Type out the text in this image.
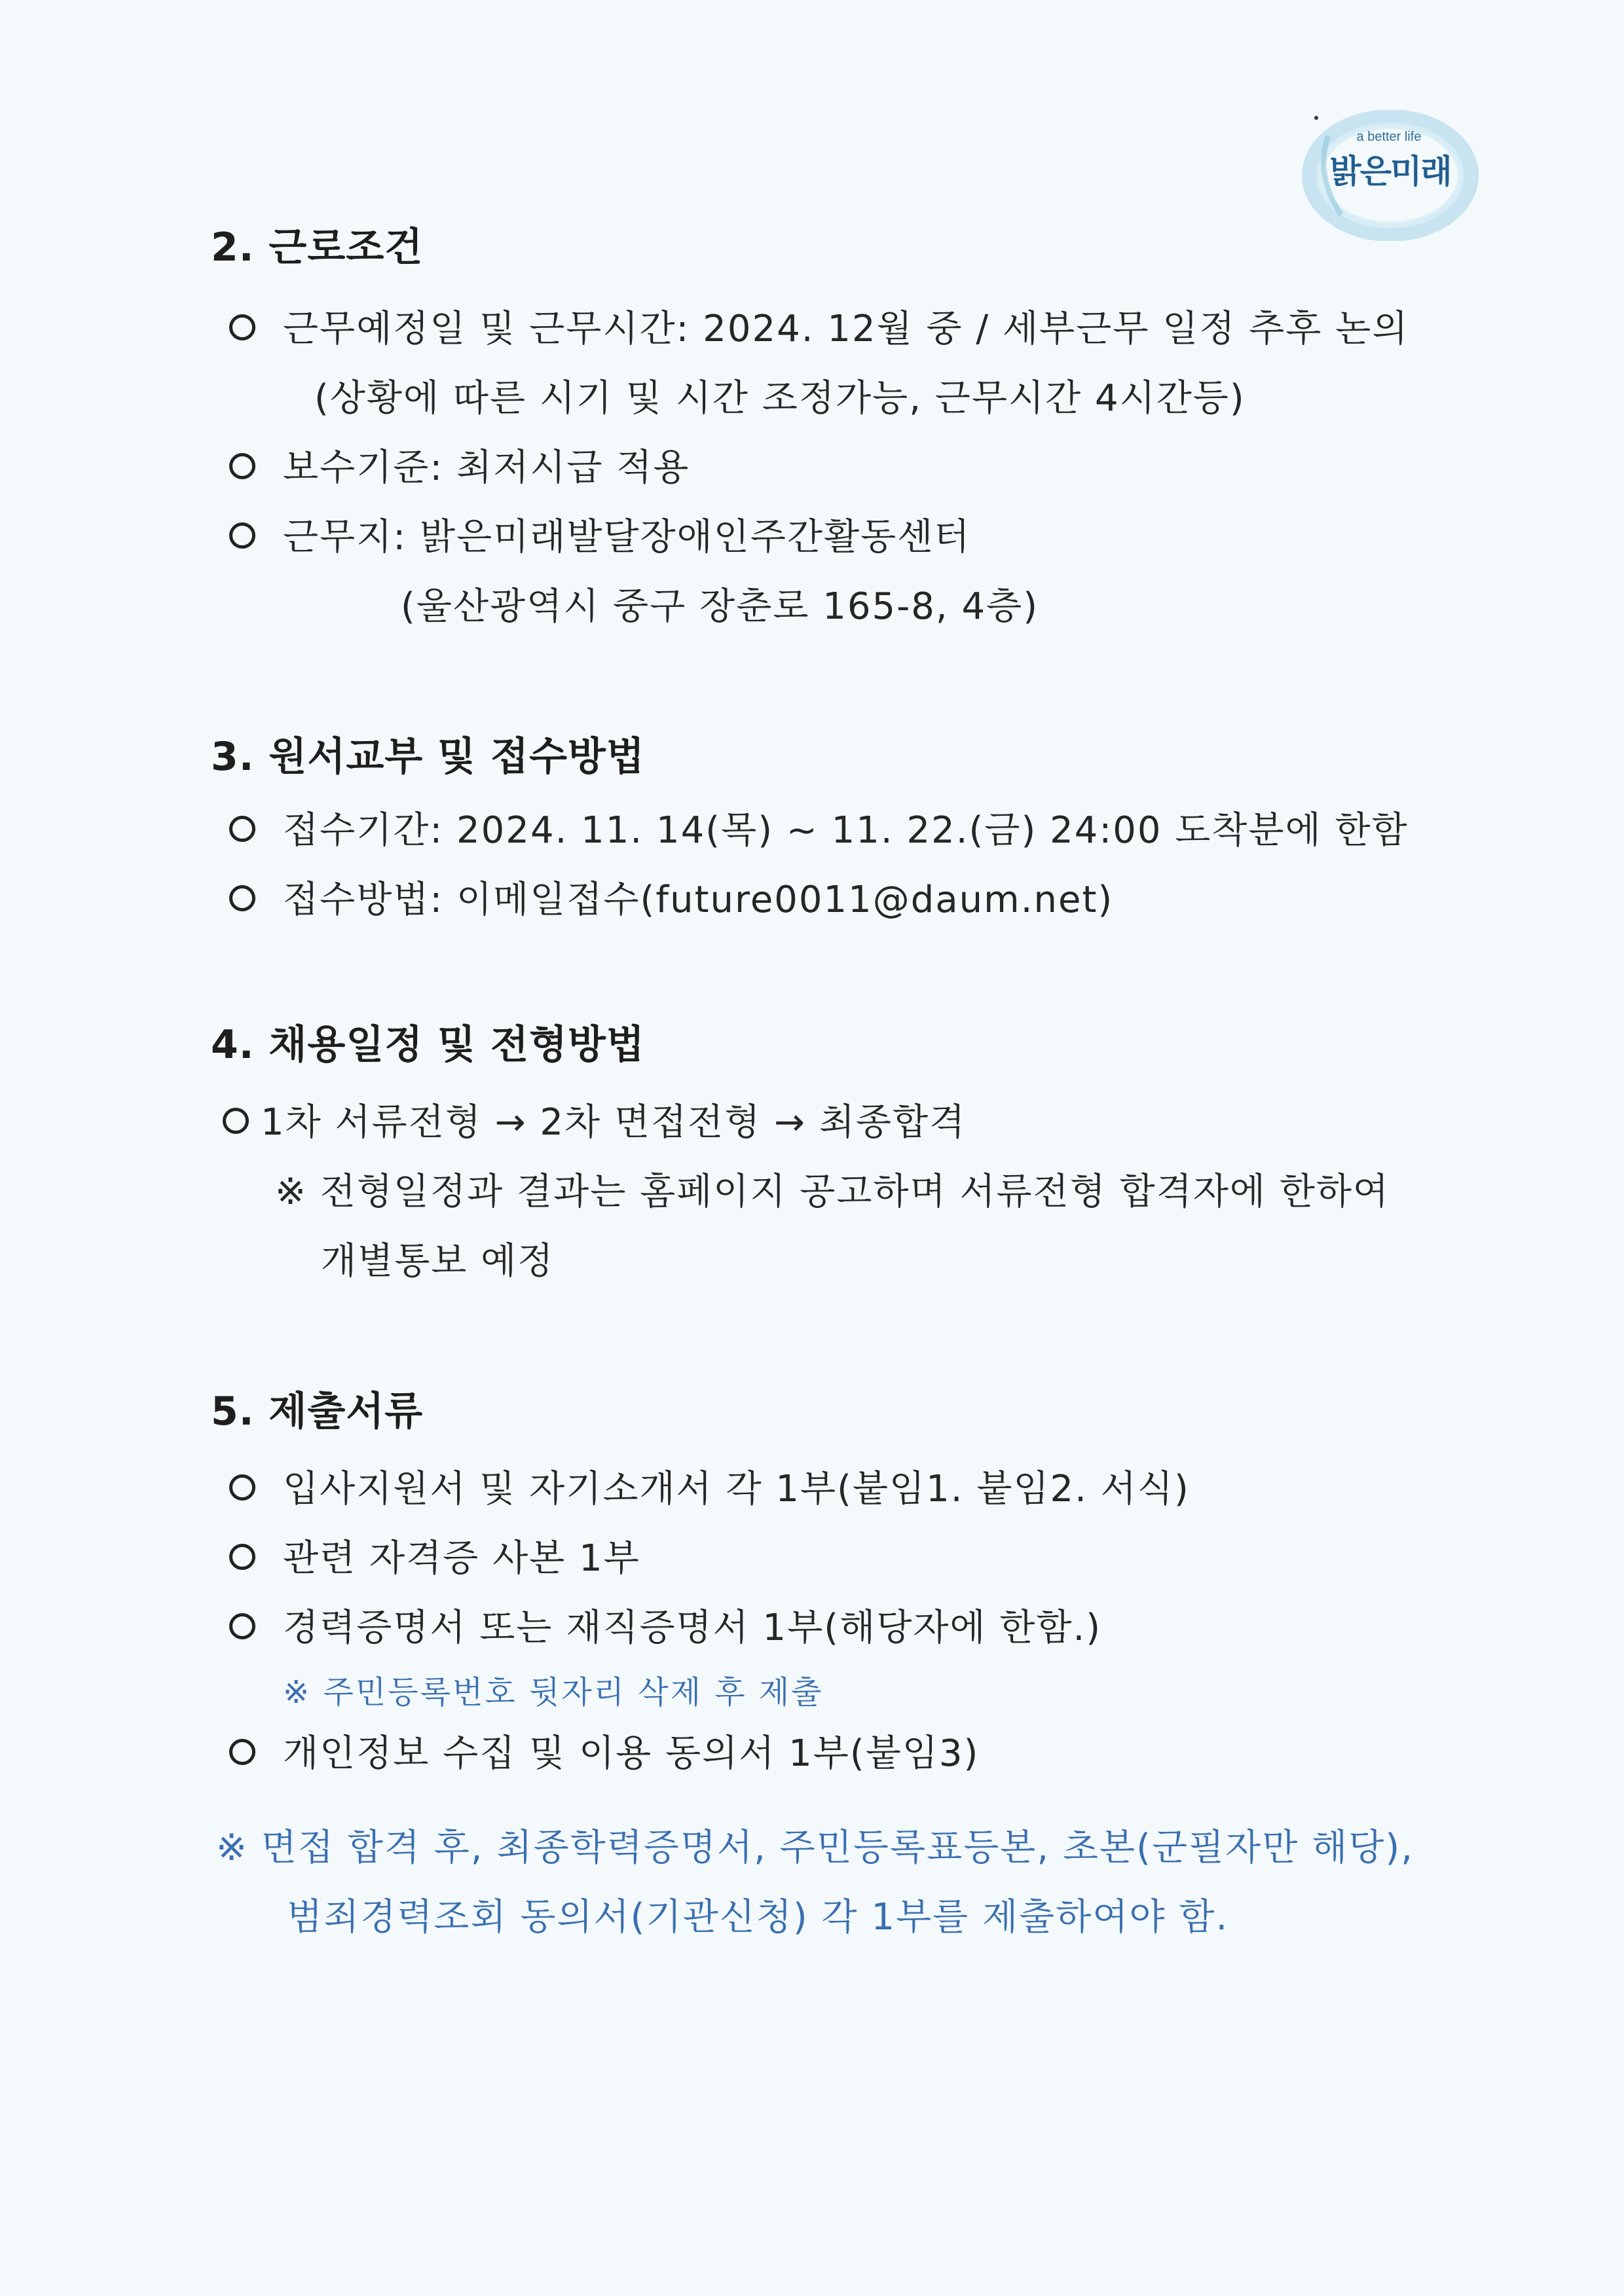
a better life
밝은미래
2. 근로조건
근무예정일 및 근무시간: 2024. 12월 중 / 세부근무 일정 추후 논의
(상황에 따른 시기 및 시간 조정가능, 근무시간 4시간등)
보수기준: 최저시급 적용
근무지: 밝은미래발달장애인주간활동센터
(울산광역시 중구 장춘로 165-8, 4층)
3. 원서교부 및 접수방법
접수기간: 2024. 11. 14(목) ~ 11. 22.(금) 24:00 도착분에 한함
접수방법: 이메일접수(future0011@daum.net)
4. 채용일정 및 전형방법
1차 서류전형 → 2차 면접전형 → 최종합격
※ 전형일정과 결과는 홈페이지 공고하며 서류전형 합격자에 한하여
개별통보 예정
5. 제출서류
입사지원서 및 자기소개서 각 1부(붙임1. 붙임2. 서식)
관련 자격증 사본 1부
경력증명서 또는 재직증명서 1부(해당자에 한함.)
※ 주민등록번호 뒷자리 삭제 후 제출
개인정보 수집 및 이용 동의서 1부(붙임3)
※ 면접 합격 후, 최종학력증명서, 주민등록표등본, 초본(군필자만 해당),
범죄경력조회 동의서(기관신청) 각 1부를 제출하여야 함.
